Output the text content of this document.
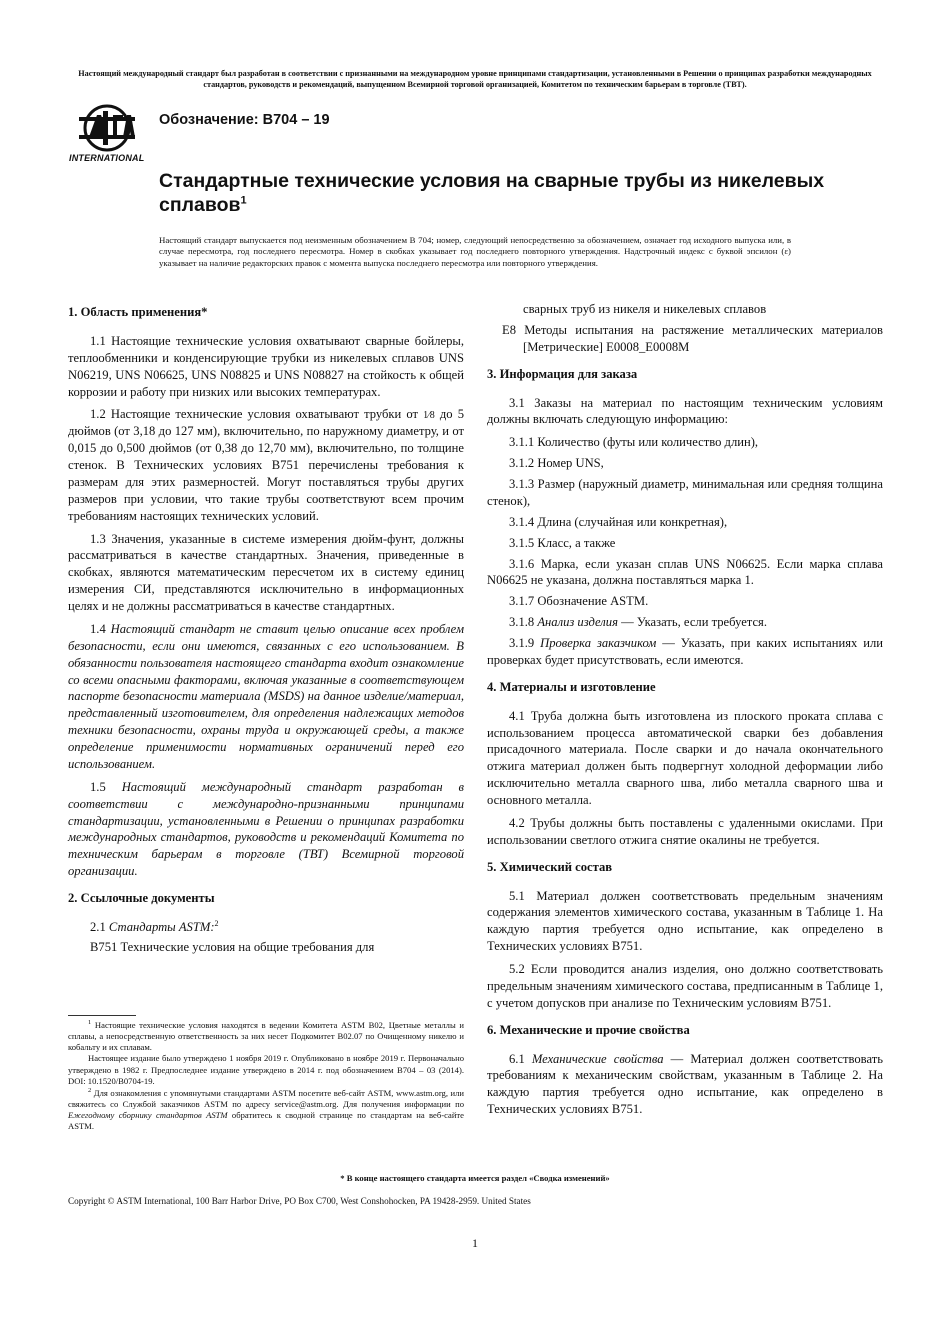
Настоящий международный стандарт был разработан в соответствии с признанными на международном уровне принципами стандартизации, установленными в Решении о принципах разработки международных стандартов, руководств и рекомендаций, выпущенном Всемирной торговой организацией, Комитетом по техническим барьерам в торговле (ТВТ).
INTERNATIONAL
Обозначение: B704 – 19
Стандартные технические условия на сварные трубы из никелевых сплавов$^1$
Настоящий стандарт выпускается под неизменным обозначением B 704; номер, следующий непосредственно за обозначением, означает год исходного выпуска или, в случае пересмотра, год последнего пересмотра. Номер в скобках указывает год последнего повторного утверждения. Надстрочный индекс с буквой эпсилон (ε) указывает на наличие редакторских правок с момента выпуска последнего пересмотра или повторного утверждения.
1. Область применения*

1.1 Настоящие технические условия охватывают сварные бойлеры, теплообменники и конденсирующие трубки из никелевых сплавов UNS N06219, UNS N06625, UNS N08825 и UNS N08827 на стойкость к общей коррозии и работу при низких или высоких температурах.

1.2 Настоящие технические условия охватывают трубки от 1⁄8 до 5 дюймов (от 3,18 до 127 мм), включительно, по наружному диаметру, и от 0,015 до 0,500 дюймов (от 0,38 до 12,70 мм), включительно, по толщине стенок. В Технических условиях B751 перечислены требования к размерам для этих размерностей. Могут поставляться трубы других размеров при условии, что такие трубы соответствуют всем прочим требованиям настоящих технических условий.

1.3 Значения, указанные в системе измерения дюйм-фунт, должны рассматриваться в качестве стандартных. Значения, приведенные в скобках, являются математическим пересчетом их в систему единиц измерения СИ, представляются исключительно в информационных целях и не должны рассматриваться в качестве стандартных.

1.4 Настоящий стандарт не ставит целью описание всех проблем безопасности, если они имеются, связанных с его использованием. В обязанности пользователя настоящего стандарта входит ознакомление со всеми опасными факторами, включая указанные в соответствующем паспорте безопасности материала (MSDS) на данное изделие/материал, представленный изготовителем, для определения надлежащих методов техники безопасности, охраны труда и окружающей среды, а также определение применимости нормативных ограничений перед его использованием.

1.5 Настоящий международный стандарт разработан в соответствии с международно-признанными принципами стандартизации, установленными в Решении о принципах разработки международных стандартов, руководств и рекомендаций Комитета по техническим барьерам в торговле (ТВТ) Всемирной торговой организации.

2. Ссылочные документы

2.1 Стандарты ASTM:$^2$

B751 Технические условия на общие требования для

$^1$ Настоящие технические условия находятся в ведении Комитета ASTM B02, Цветные металлы и сплавы, а непосредственную ответственность за них несет Подкомитет B02.07 по Очищенному никелю и кобальту и их сплавам.

Настоящее издание было утверждено 1 ноября 2019 г. Опубликовано в ноябре 2019 г. Первоначально утверждено в 1982 г. Предпоследнее издание утверждено в 2014 г. под обозначением B704 – 03 (2014). DOI: 10.1520/B0704-19.

$^2$ Для ознакомления с упомянутыми стандартами ASTM посетите веб-сайт ASTM, www.astm.org, или свяжитесь со Службой заказчиков ASTM по адресу service@astm.org. Для получения информации по Ежегодному сборнику стандартов ASTM обратитесь к сводной странице по стандартам на веб-сайте ASTM.

сварных труб из никеля и никелевых сплавов

E8 Методы испытания на растяжение металлических материалов [Метрические] E0008_E0008M

3. Информация для заказа

3.1 Заказы на материал по настоящим техническим условиям должны включать следующую информацию:

3.1.1 Количество (футы или количество длин),

3.1.2 Номер UNS,

3.1.3 Размер (наружный диаметр, минимальная или средняя толщина стенок),

3.1.4 Длина (случайная или конкретная),

3.1.5 Класс, а также

3.1.6 Марка, если указан сплав UNS N06625. Если марка сплава N06625 не указана, должна поставляться марка 1.

3.1.7 Обозначение ASTM.

3.1.8 Анализ изделия — Указать, если требуется.

3.1.9 Проверка заказчиком — Указать, при каких испытаниях или проверках будет присутствовать, если имеются.

4. Материалы и изготовление

4.1 Труба должна быть изготовлена из плоского проката сплава с использованием процесса автоматической сварки без добавления присадочного материала. После сварки и до начала окончательного отжига материал должен быть подвергнут холодной деформации либо исключительно металла сварного шва, либо металла сварного шва и основного металла.

4.2 Трубы должны быть поставлены с удаленными окислами. При использовании светлого отжига снятие окалины не требуется.

5. Химический состав

5.1 Материал должен соответствовать предельным значениям содержания элементов химического состава, указанным в Таблице 1. На каждую партия требуется одно испытание, как определено в Технических условиях B751.

5.2 Если проводится анализ изделия, оно должно соответствовать предельным значениям химического состава, предписанным в Таблице 1, с учетом допусков при анализе по Техническим условиям B751.

6. Механические и прочие свойства

6.1 Механические свойства — Материал должен соответствовать требованиям к механическим свойствам, указанным в Таблице 2. На каждую партия требуется одно испытание, как определено в Технических условиях B751.

* В конце настоящего стандарта имеется раздел «Сводка изменений»
Copyright © ASTM International, 100 Barr Harbor Drive, PO Box C700, West Conshohocken, PA 19428-2959. United States
1
